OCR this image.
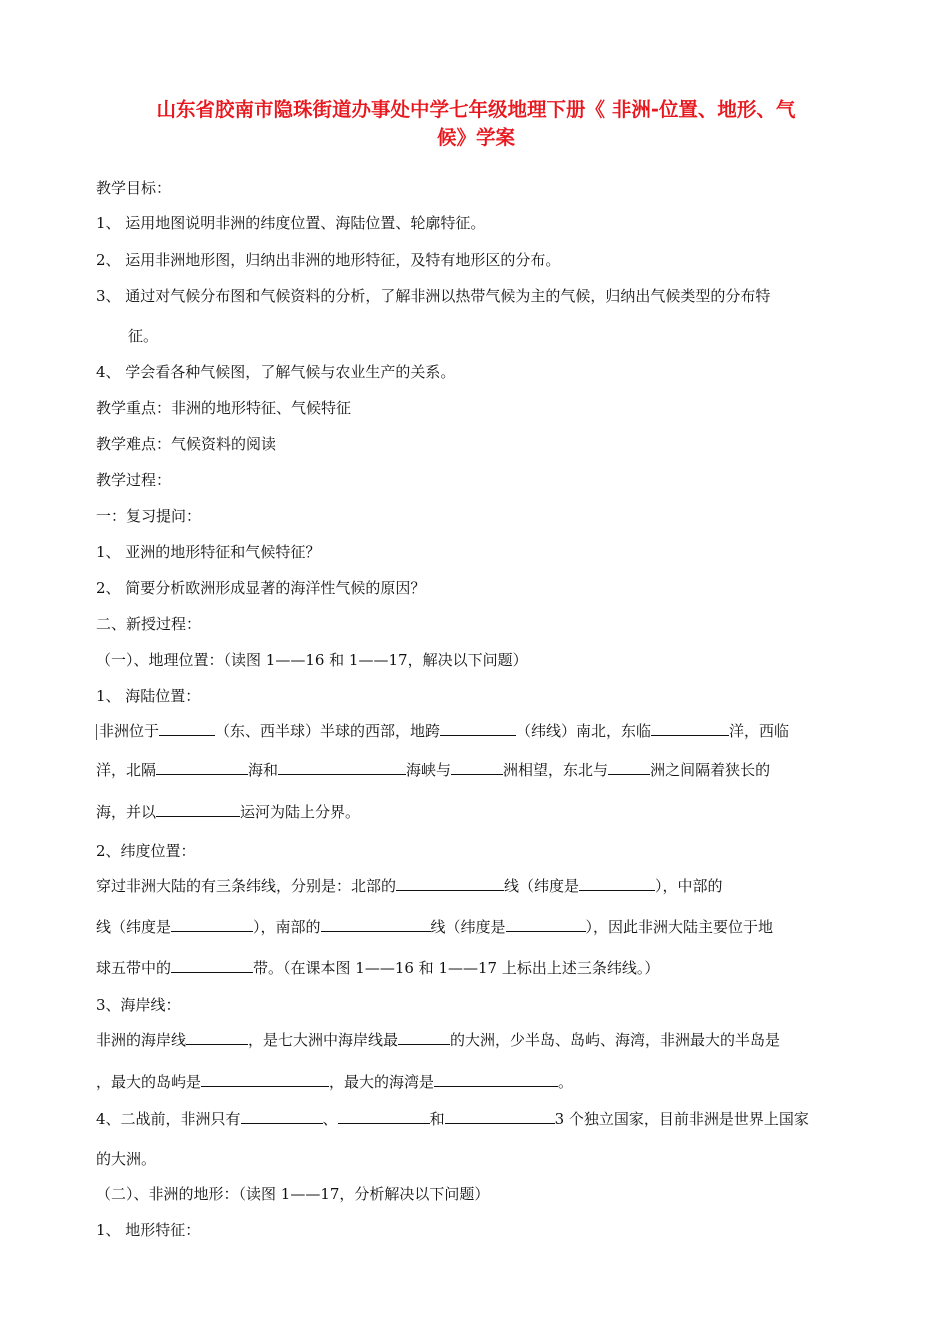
山东省胶南市隐珠街道办事处中学七年级地理下册《 非洲-位置、地形、气
候》学案
教学目标：
1、 运用地图说明非洲的纬度位置、海陆位置、轮廓特征。
2、 运用非洲地形图，归纳出非洲的地形特征，及特有地形区的分布。
3、 通过对气候分布图和气候资料的分析，了解非洲以热带气候为主的气候，归纳出气候类型的分布特
征。
4、 学会看各种气候图，了解气候与农业生产的关系。
教学重点：非洲的地形特征、气候特征
教学难点：气候资料的阅读
教学过程：
一：复习提问：
1、 亚洲的地形特征和气候特征？
2、 简要分析欧洲形成显著的海洋性气候的原因？
二、新授过程：
（一）、地理位置：（读图 1——16 和 1——17，解决以下问题）
1、 海陆位置：
非洲位于	（东、西半球）半球的西部，地跨	（纬线）南北，东临	洋，西临
洋，北隔	海和	海峡与	洲相望，东北与	洲之间隔着狭长的
海，并以	运河为陆上分界。
2、纬度位置：
穿过非洲大陆的有三条纬线，分别是：北部的	线（纬度是	），中部的
线（纬度是	），南部的	线（纬度是	），因此非洲大陆主要位于地
球五带中的	带。（在课本图 1——16 和 1——17 上标出上述三条纬线。）
3、海岸线：
非洲的海岸线	，是七大洲中海岸线最	的大洲，少半岛、岛屿、海湾，非洲最大的半岛是
，最大的岛屿是	，最大的海湾是	。
4、二战前，非洲只有	、	和	3 个独立国家，目前非洲是世界上国家
的大洲。
（二）、非洲的地形：（读图 1——17，分析解决以下问题）
1、 地形特征：
